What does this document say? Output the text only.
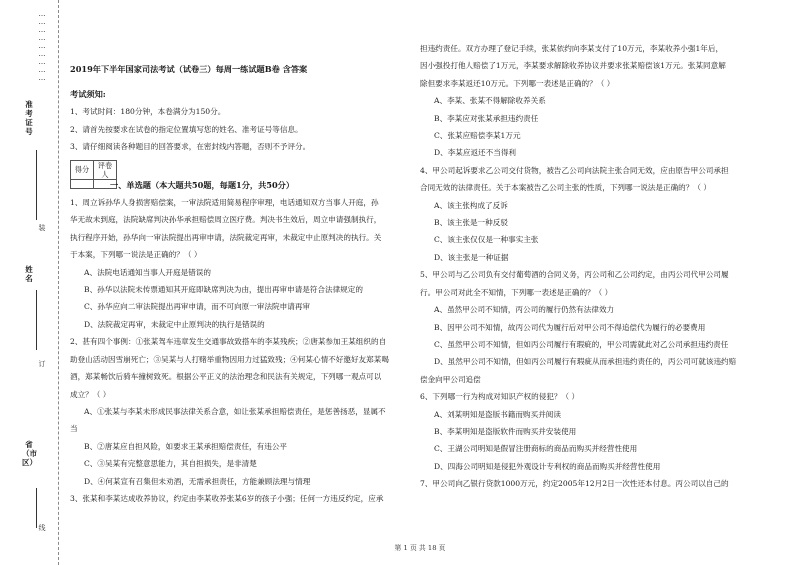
…
…
…
…
…
…
…
…
…
准考证号
装
姓名
订
省（市区）
线
2019年下半年国家司法考试（试卷三）每周一练试题B卷 含答案
考试须知:
1、考试时间：180分钟，本卷满分为150分。
2、请首先按要求在试卷的指定位置填写您的姓名、准考证号等信息。
3、请仔细阅读各种题目的回答要求，在密封线内答题，否则不予评分。
得分	评卷人

一、单选题（本大题共50题，每题1分，共50分）
1、周立诉孙华人身损害赔偿案，一审法院适用简易程序审理，电话通知双方当事人开庭，孙
华无故未到庭，法院缺席判决孙华承担赔偿周立医疗费。判决书生效后，周立申请强制执行，
执行程序开始，孙华向一审法院提出再审申请，法院裁定再审，未裁定中止原判决的执行。关
于本案，下列哪一说法是正确的？（ ）
A、法院电话通知当事人开庭是错误的
B、孙华以法院未传票通知其开庭即缺席判决为由，提出再审申请是符合法律规定的
C、孙华应向二审法院提出再审申请，而不可向原一审法院申请再审
D、法院裁定再审，未裁定中止原判决的执行是错误的
2、甚有四个事例：①张某驾车违章发生交通事故致搭车的李某残疾；②唐某参加王某组织的自
助登山活动因雪崩死亡；③吴某与人打赌举重物因用力过猛致残；④何某心情不好邀好友郑某喝
酒，郑某畅饮后骑车撞树致死。根据公平正义的法治理念和民法有关规定，下列哪一观点可以
成立？（ ）
A、①张某与李某未形成民事法律关系合意，如让张某承担赔偿责任，是惩善扬恶，显属不
当
B、②唐某应自担风险，如要求王某承担赔偿责任，有违公平
C、③吴某有完整意思能力，其自担损失，是非清楚
D、④何某宣有召集但未劝酒，无需承担责任，方能兼顾法理与情理
3、张某和李某达成收养协议，约定由李某收养张某6岁的孩子小强；任何一方违反约定，应承
担违约责任。双方办理了登记手续，张某依约向李某支付了10万元，李某收养小强1年后，
因小强投打他人赔偿了1万元，李某要求解除收养协议并要求张某赔偿该1万元。张某同意解
除但要求李某返还10万元。下列哪一表述是正确的？（ ）
A、李某、张某不得解除收养关系
B、李某应对张某承担违约责任
C、张某应赔偿李某1万元
D、李某应返还不当得利
4、甲公司起诉要求乙公司交付货物，被告乙公司向法院主张合同无效，应由原告甲公司承担
合同无效的法律责任。关于本案被告乙公司主张的性质，下列哪一说法是正确的？（ ）
A、该主张构成了反诉
B、该主张是一种反驳
C、该主张仅仅是一种事实主张
D、该主张是一种证据
5、甲公司与乙公司负有交付葡萄酒的合同义务，丙公司和乙公司约定，由丙公司代甲公司履
行。甲公司对此全不知情，下列哪一表述是正确的？（ ）
A、虽然甲公司不知情，丙公司的履行仍然有法律效力
B、因甲公司不知情，故丙公司代为履行后对甲公司不得追偿代为履行的必要费用
C、虽然甲公司不知情，但如丙公司履行有瑕疵的，甲公司需就此对乙公司承担违约责任
D、虽然甲公司不知情，但如丙公司履行有瑕疵从而承担违约责任的，丙公司可就该违约赔
偿金向甲公司追偿
6、下列哪一行为构成对知识产权的侵犯？（ ）
A、刘某明知是盗版书籍而购买并阅读
B、李某明知是盗版软件而购买并安装使用
C、王湖公司明知是假冒注册商标的商品而购买并经营性使用
D、四海公司明知是侵犯外观设计专利权的商品而购买并经营性使用
7、甲公司向乙银行贷款1000万元，约定2005年12月2日一次性还本付息。丙公司以自己的
第 1 页 共 18 页
